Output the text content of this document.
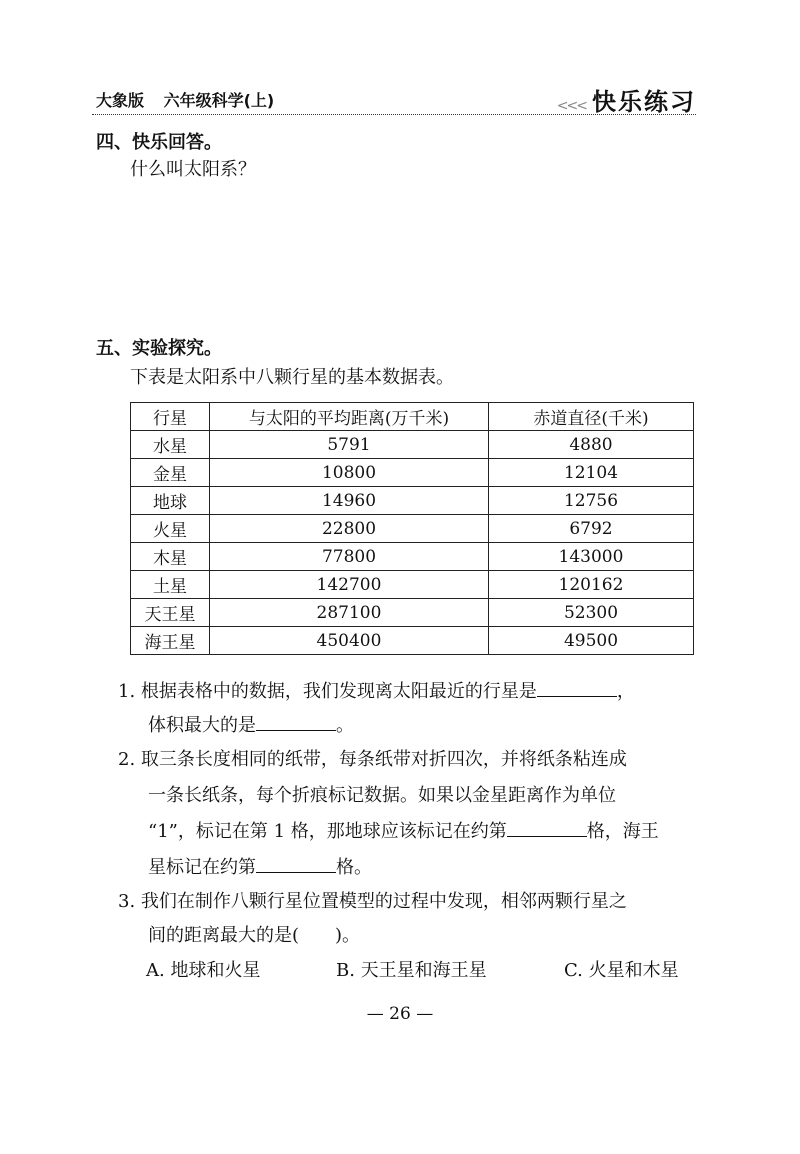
大象版 六年级科学(上)	<<< 快乐练习
四、快乐回答。
什么叫太阳系？
五、实验探究。
下表是太阳系中八颗行星的基本数据表。
行星	与太阳的平均距离(万千米)	赤道直径(千米)
水星	5791	4880
金星	10800	12104
地球	14960	12756
火星	22800	6792
木星	77800	143000
土星	142700	120162
天王星	287100	52300
海王星	450400	49500
1. 根据表格中的数据，我们发现离太阳最近的行星是	，
体积最大的是	。
2. 取三条长度相同的纸带，每条纸带对折四次，并将纸条粘连成
一条长纸条，每个折痕标记数据。如果以金星距离作为单位
“1”，标记在第 1 格，那地球应该标记在约第	格，海王
星标记在约第	格。
3. 我们在制作八颗行星位置模型的过程中发现，相邻两颗行星之
间的距离最大的是(　　)。
A. 地球和火星	B. 天王星和海王星	C. 火星和木星
— 26 —
